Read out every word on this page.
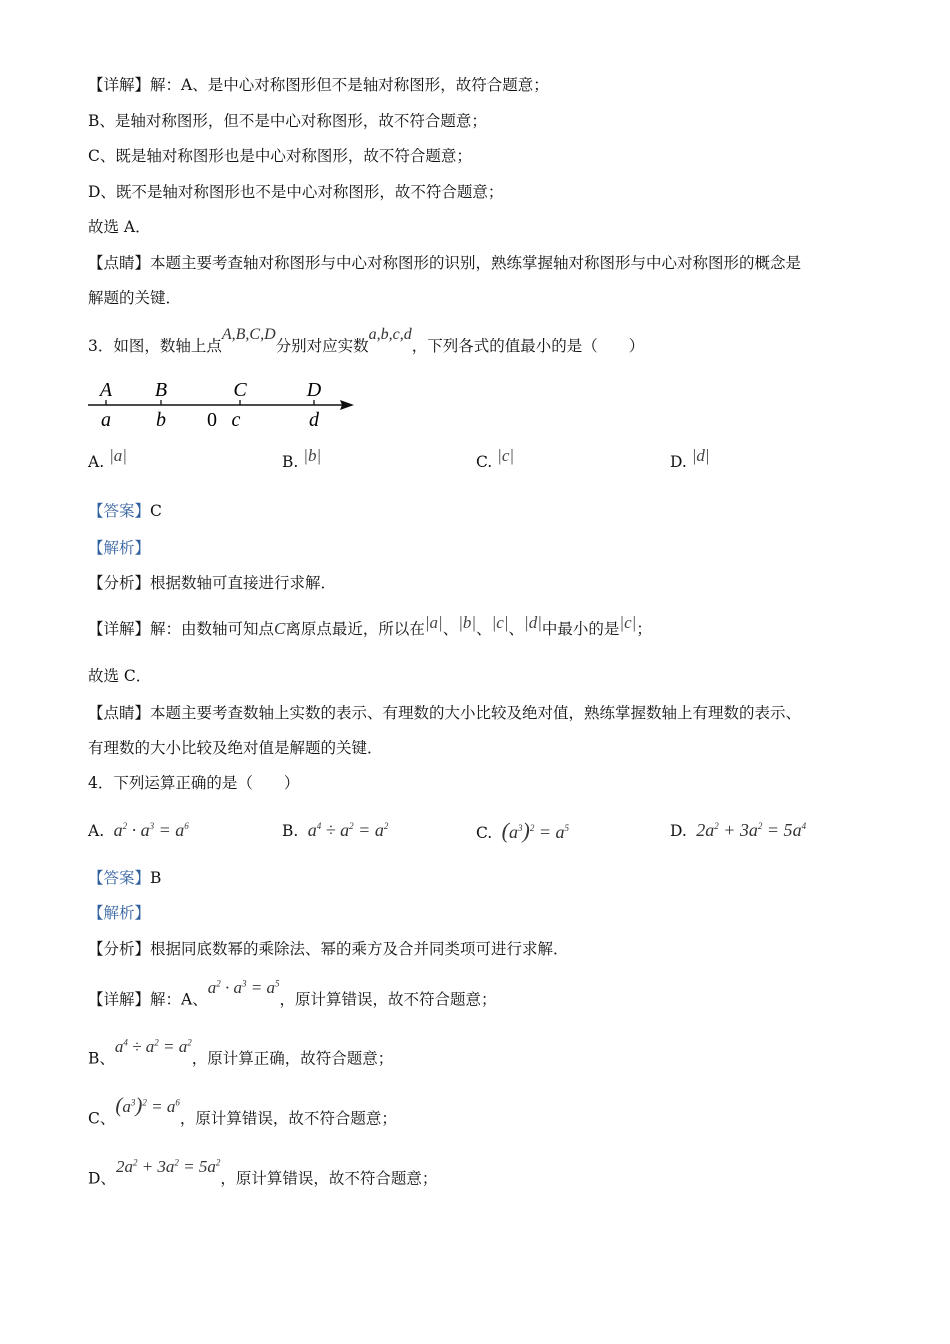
【详解】解：A、是中心对称图形但不是轴对称图形，故符合题意；
B、是轴对称图形，但不是中心对称图形，故不符合题意；
C、既是轴对称图形也是中心对称图形，故不符合题意；
D、既不是轴对称图形也不是中心对称图形，故不符合题意；
故选 A．
【点睛】本题主要考查轴对称图形与中心对称图形的识别，熟练掌握轴对称图形与中心对称图形的概念是
解题的关键．
3．如图，数轴上点A,B,C,D分别对应实数a,b,c,d，下列各式的值最小的是（　　）
A B	C	D
a b 0 c	d
A. |a|	B. |b|	C. |c|	D. |d|
【答案】C
【解析】
【分析】根据数轴可直接进行求解．
【详解】解：由数轴可知点C离原点最近，所以在|a|、|b|、|c|、|d|中最小的是|c|；
故选 C．
【点睛】本题主要考查数轴上实数的表示、有理数的大小比较及绝对值，熟练掌握数轴上有理数的表示、
有理数的大小比较及绝对值是解题的关键．
4．下列运算正确的是（　　）
A.  $a^2 \cdot a^3 = a^6$	B.  $a^4 \div a^2 = a^2$	C. $(a^3)^2 = a^5$	D. $2a^2 + 3a^2 = 5a^4$
【答案】B
【解析】
【分析】根据同底数幂的乘除法、幂的乘方及合并同类项可进行求解．
【详解】解：A、$a^2 \cdot a^3 = a^5$，原计算错误，故不符合题意；
B、$a^4 \div a^2 = a^2$，原计算正确，故符合题意；
C、$(a^3)^2 = a^6$，原计算错误，故不符合题意；
D、$2a^2 + 3a^2 = 5a^2$，原计算错误，故不符合题意；
